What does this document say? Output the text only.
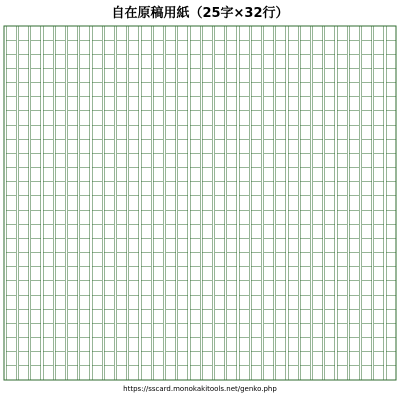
自在原稿用紙（25字×32行）
https://sscard.monokakitools.net/genko.php
